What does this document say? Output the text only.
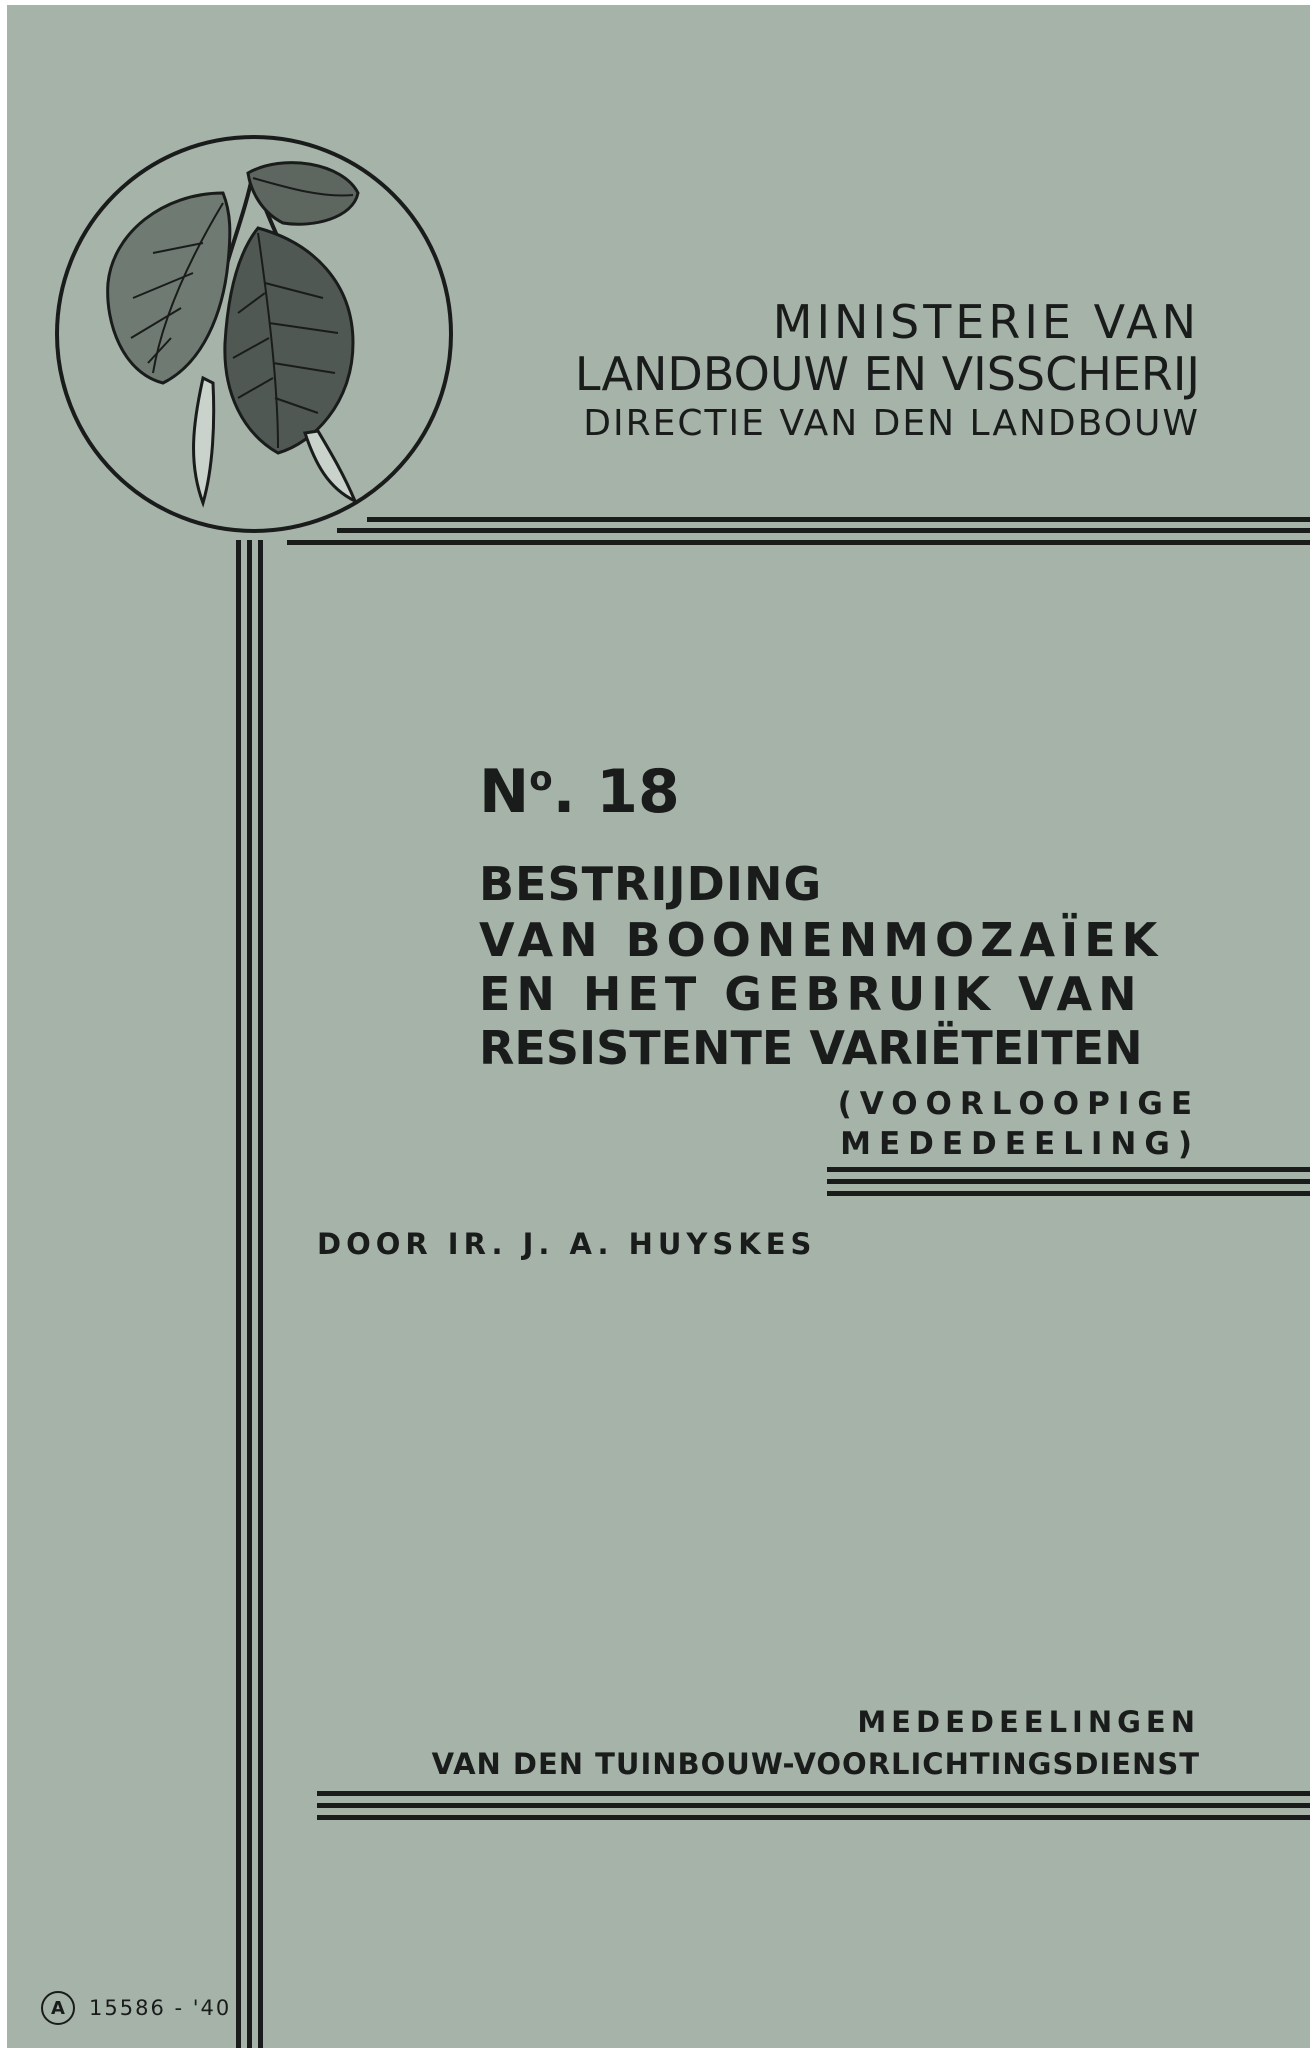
MINISTERIE VAN
LANDBOUW EN VISSCHERIJ
DIRECTIE VAN DEN LANDBOUW
$N^o$. 18
BESTRIJDING
VAN BOONENMOZAÏEK
EN HET GEBRUIK VAN
RESISTENTE VARIËTEITEN
(VOORLOOPIGE
MEDEDEELING)
DOOR IR. J. A. HUYSKES
MEDEDEELINGEN
VAN DEN TUINBOUW-VOORLICHTINGSDIENST
A	15586 - '40
